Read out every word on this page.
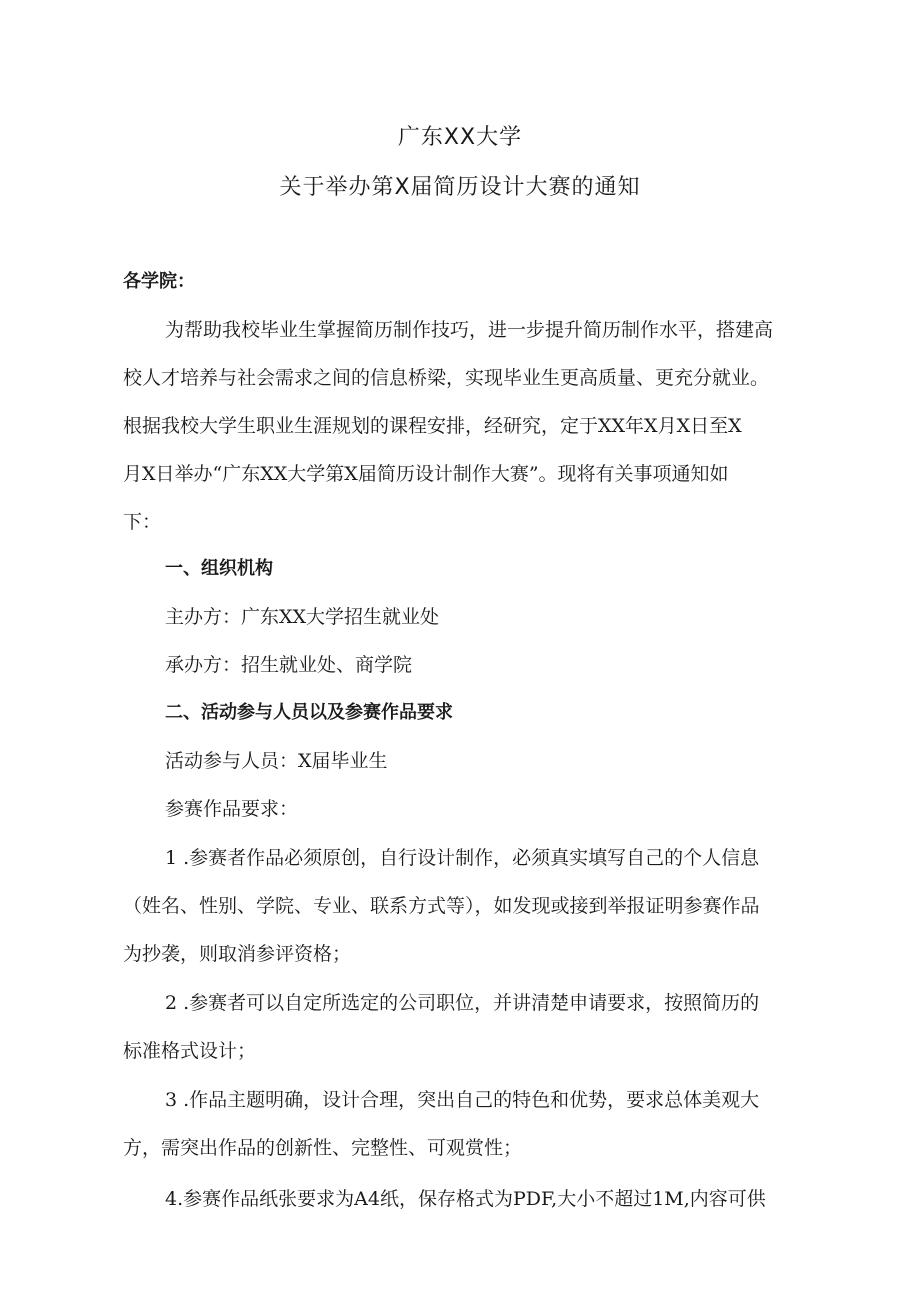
广东XX大学
关于举办第X届简历设计大赛的通知
各学院：
为帮助我校毕业生掌握简历制作技巧，进一步提升简历制作水平，搭建高
校人才培养与社会需求之间的信息桥梁，实现毕业生更高质量、更充分就业。
根据我校大学生职业生涯规划的课程安排，经研究，定于XX年X月X日至X
月X日举办“广东XX大学第X届简历设计制作大赛”。现将有关事项通知如
下：
一、组织机构
主办方：广东XX大学招生就业处
承办方：招生就业处、商学院
二、活动参与人员以及参赛作品要求
活动参与人员：X届毕业生
参赛作品要求：
1 .参赛者作品必须原创，自行设计制作，必须真实填写自己的个人信息
（姓名、性别、学院、专业、联系方式等），如发现或接到举报证明参赛作品
为抄袭，则取消参评资格；
2 .参赛者可以自定所选定的公司职位，并讲清楚申请要求，按照简历的
标准格式设计；
3 .作品主题明确，设计合理，突出自己的特色和优势，要求总体美观大
方，需突出作品的创新性、完整性、可观赏性；
4.参赛作品纸张要求为A4纸，保存格式为PDF,大小不超过1M,内容可供
